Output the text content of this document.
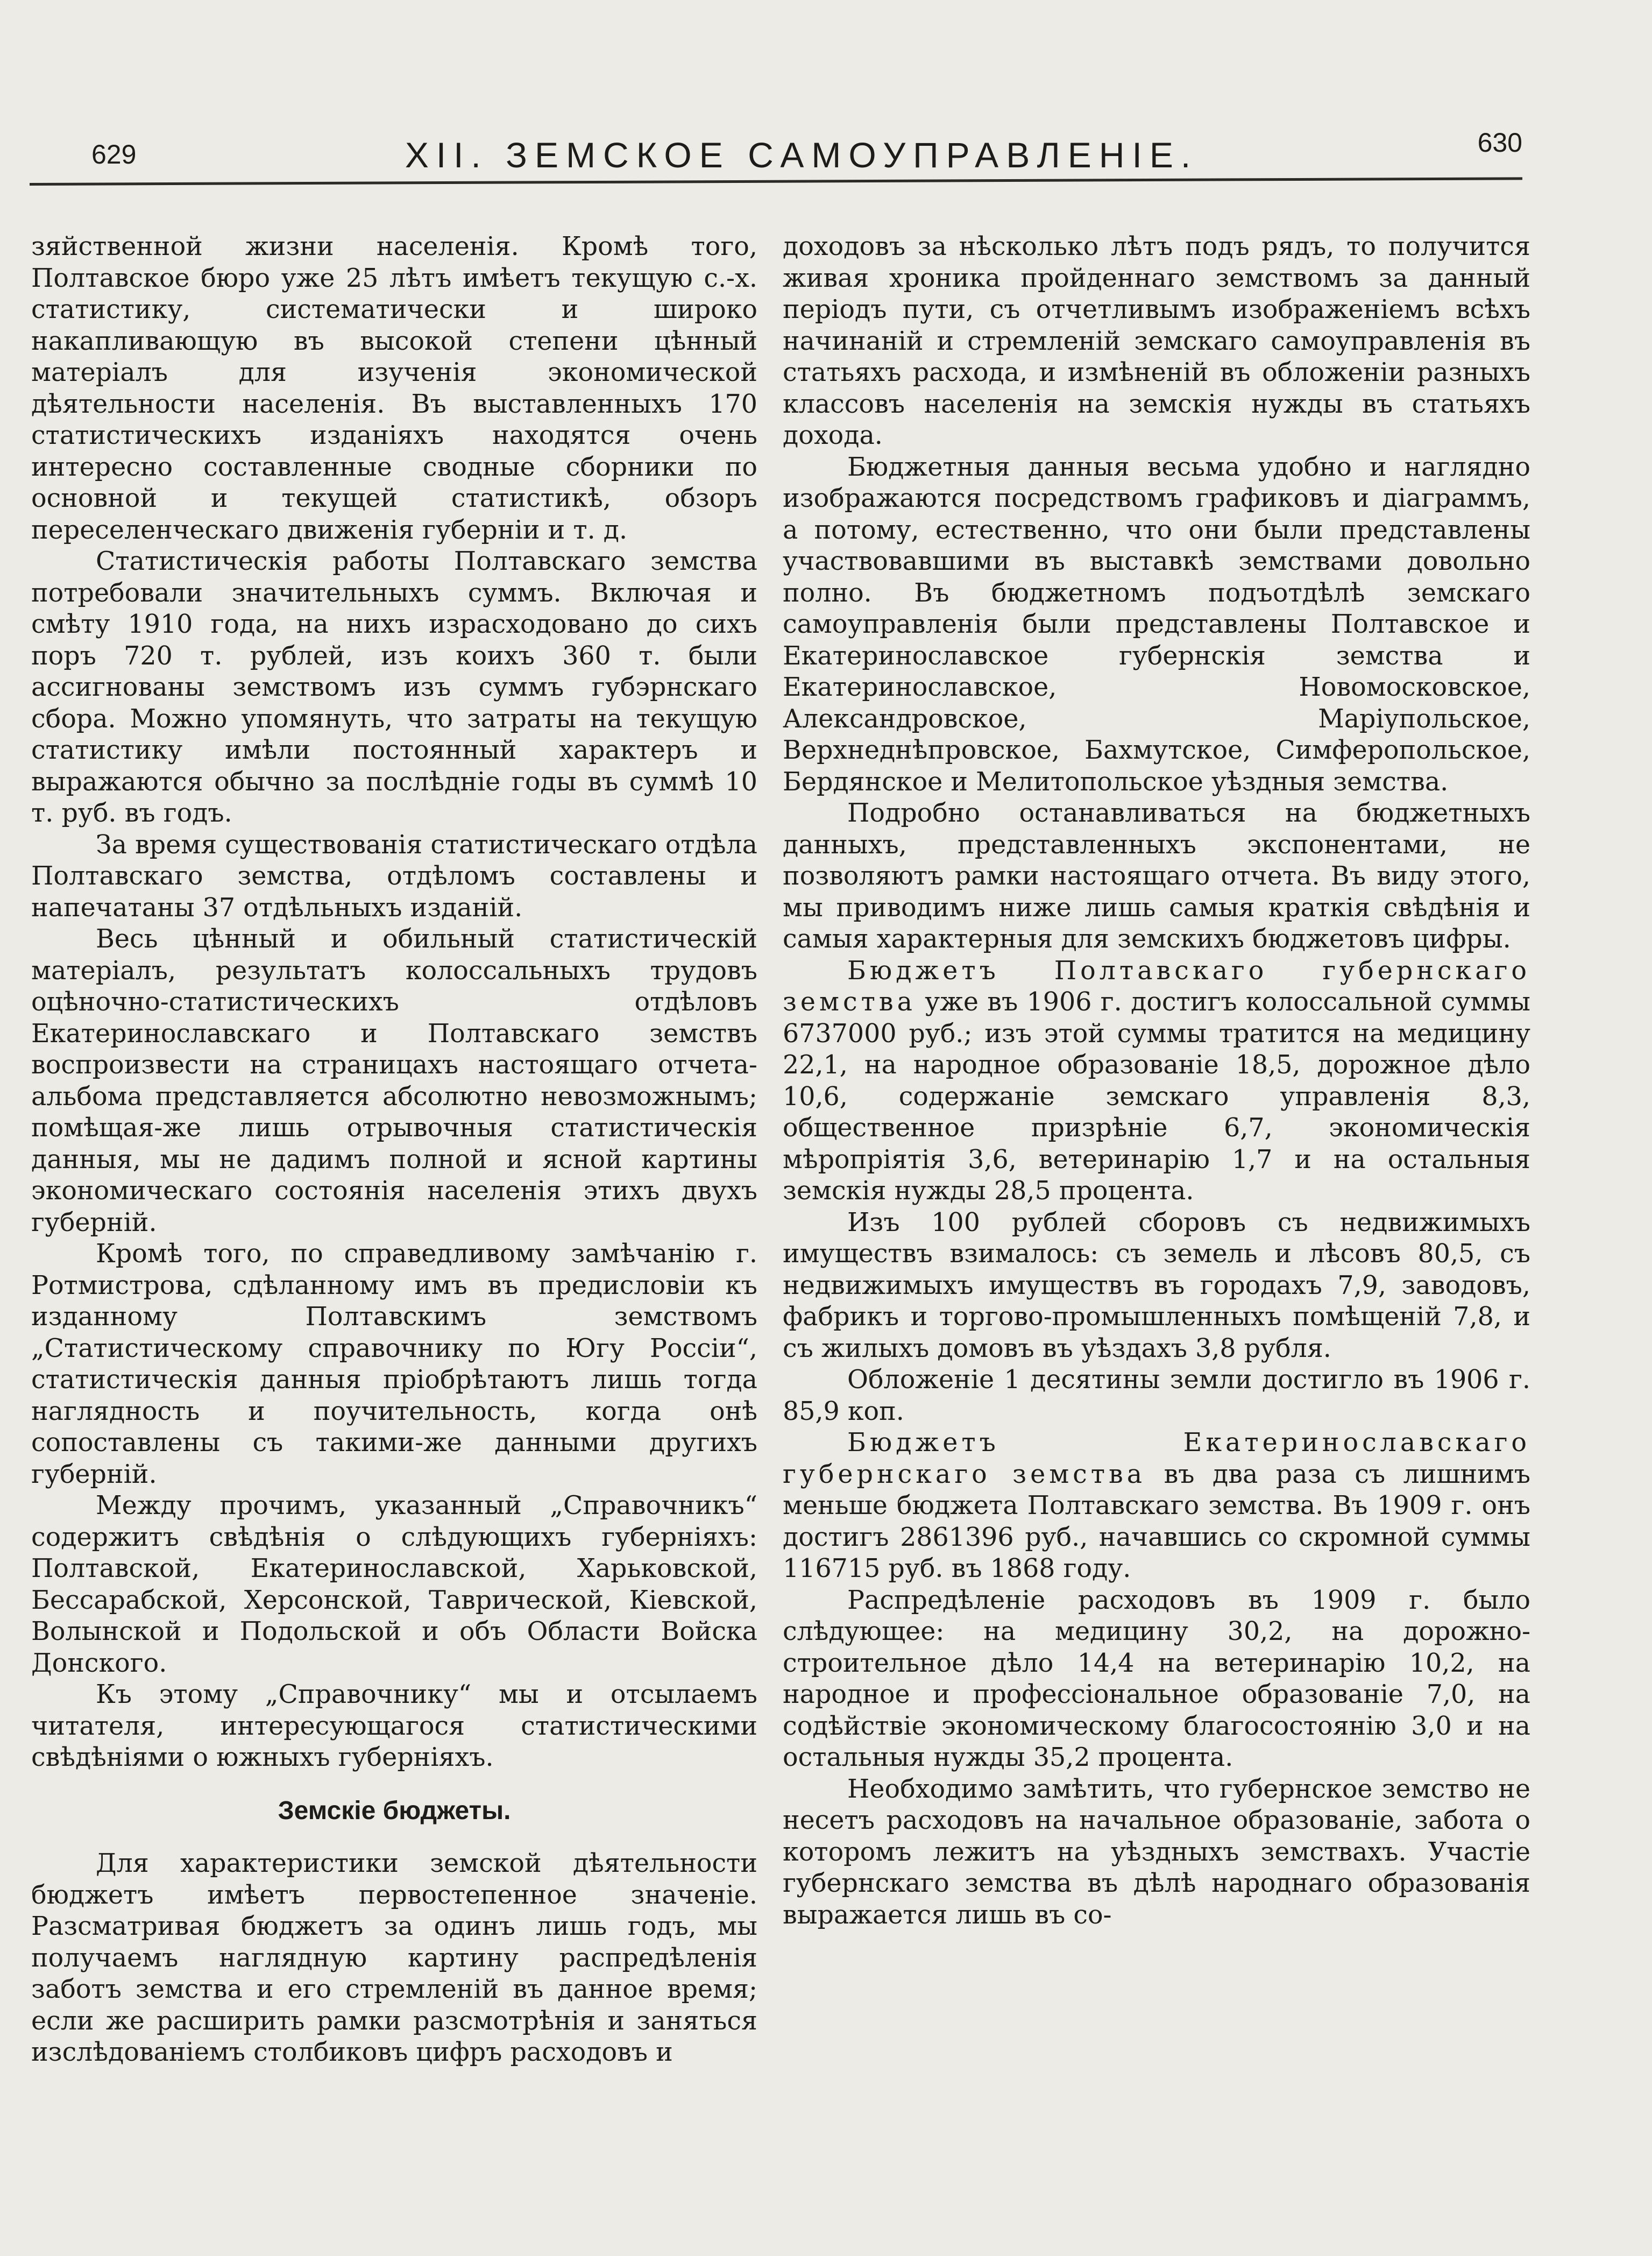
629	XII. ЗЕМСКОЕ САМОУПРАВЛЕНІЕ.	630

зяйственной жизни населенія. Кромѣ того, Полтавское бюро уже 25 лѣтъ имѣетъ текущую с.-х. статистику, систематически и широко накапливающую въ высокой степени цѣнный матеріалъ для изученія экономической дѣятельности населенія. Въ выставленныхъ 170 статистическихъ изданіяхъ находятся очень интересно составленные сводные сборники по основной и текущей статистикѣ, обзоръ переселенческаго движенія губерніи и т. д.

Статистическія работы Полтавскаго земства потребовали значительныхъ суммъ. Включая и смѣту 1910 года, на нихъ израсходовано до сихъ поръ 720 т. рублей, изъ коихъ 360 т. были ассигнованы земствомъ изъ суммъ губэрнскаго сбора. Можно упомянуть, что затраты на текущую статистику имѣли постоянный характеръ и выражаются обычно за послѣдніе годы въ суммѣ 10 т. руб. въ годъ.

За время существованія статистическаго отдѣла Полтавскаго земства, отдѣломъ составлены и напечатаны 37 отдѣльныхъ изданій.

Весь цѣнный и обильный статистическій матеріалъ, результатъ колоссальныхъ трудовъ оцѣночно-статистическихъ отдѣловъ Екатеринославскаго и Полтавскаго земствъ воспроизвести на страницахъ настоящаго отчета-альбома представляется абсолютно невозможнымъ; помѣщая-же лишь отрывочныя статистическія данныя, мы не дадимъ полной и ясной картины экономическаго состоянія населенія этихъ двухъ губерній.

Кромѣ того, по справедливому замѣчанію г. Ротмистрова, сдѣланному имъ въ предисловіи къ изданному Полтавскимъ земствомъ „Статистическому справочнику по Югу Россіи“, статистическія данныя пріобрѣтаютъ лишь тогда наглядность и поучительность, когда онѣ сопоставлены съ такими-же данными другихъ губерній.

Между прочимъ, указанный „Справочникъ“ содержитъ свѣдѣнія о слѣдующихъ губерніяхъ: Полтавской, Екатеринославской, Харьковской, Бессарабской, Херсонской, Таврической, Кіевской, Волынской и Подольской и объ Области Войска Донского.

Къ этому „Справочнику“ мы и отсылаемъ читателя, интересующагося статистическими свѣдѣніями о южныхъ губерніяхъ.

Земскіе бюджеты.

Для характеристики земской дѣятельности бюджетъ имѣетъ первостепенное значеніе. Разсматривая бюджетъ за одинъ лишь годъ, мы получаемъ наглядную картину распредѣленія заботъ земства и его стремленій въ данное время; если же расширить рамки разсмотрѣнія и заняться изслѣдованіемъ столбиковъ цифръ расходовъ и

доходовъ за нѣсколько лѣтъ подъ рядъ, то получится живая хроника пройденнаго земствомъ за данный періодъ пути, съ отчетливымъ изображеніемъ всѣхъ начинаній и стремленій земскаго самоуправленія въ статьяхъ расхода, и измѣненій въ обложеніи разныхъ классовъ населенія на земскія нужды въ статьяхъ дохода.

Бюджетныя данныя весьма удобно и наглядно изображаются посредствомъ графиковъ и діаграммъ, а потому, естественно, что они были представлены участвовавшими въ выставкѣ земствами довольно полно. Въ бюджетномъ подъотдѣлѣ земскаго самоуправленія были представлены Полтавское и Екатеринославское губернскія земства и Екатеринославское, Новомосковское, Александровское, Маріупольское, Верхнеднѣпровское, Бахмутское, Симферопольское, Бердянское и Мелитопольское уѣздныя земства.

Подробно останавливаться на бюджетныхъ данныхъ, представленныхъ экспонентами, не позволяютъ рамки настоящаго отчета. Въ виду этого, мы приводимъ ниже лишь самыя краткія свѣдѣнія и самыя характерныя для земскихъ бюджетовъ цифры.

Бюджетъ Полтавскаго губернскаго земства уже въ 1906 г. достигъ колоссальной суммы 6737000 руб.; изъ этой суммы тратится на медицину 22,1, на народное образованіе 18,5, дорожное дѣло 10,6, содержаніе земскаго управленія 8,3, общественное призрѣніе 6,7, экономическія мѣропріятія 3,6, ветеринарію 1,7 и на остальныя земскія нужды 28,5 процента.

Изъ 100 рублей сборовъ съ недвижимыхъ имуществъ взималось: съ земель и лѣсовъ 80,5, съ недвижимыхъ имуществъ въ городахъ 7,9, заводовъ, фабрикъ и торгово-промышленныхъ помѣщеній 7,8, и съ жилыхъ домовъ въ уѣздахъ 3,8 рубля.

Обложеніе 1 десятины земли достигло въ 1906 г. 85,9 коп.

Бюджетъ Екатеринославскаго губернскаго земства въ два раза съ лишнимъ меньше бюджета Полтавскаго земства. Въ 1909 г. онъ достигъ 2861396 руб., начавшись со скромной суммы 116715 руб. въ 1868 году.

Распредѣленіе расходовъ въ 1909 г. было слѣдующее: на медицину 30,2, на дорожно-строительное дѣло 14,4 на ветеринарію 10,2, на народное и профессіональное образованіе 7,0, на содѣйствіе экономическому благосостоянію 3,0 и на остальныя нужды 35,2 процента.

Необходимо замѣтить, что губернское земство не несетъ расходовъ на начальное образованіе, забота о которомъ лежитъ на уѣздныхъ земствахъ. Участіе губернскаго земства въ дѣлѣ народнаго образованія выражается лишь въ со-
